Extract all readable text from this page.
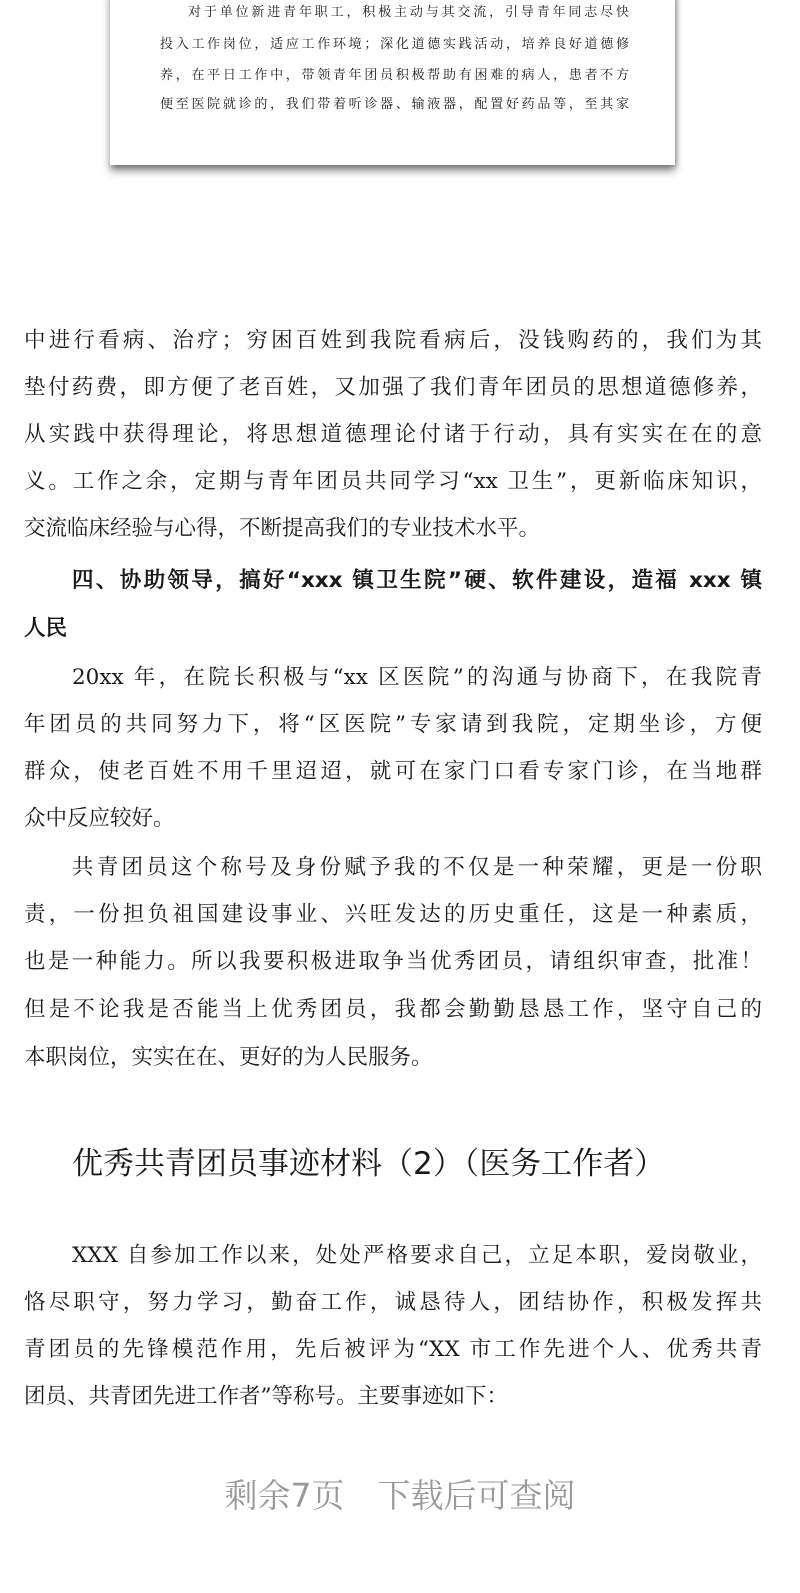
对于单位新进青年职工，积极主动与其交流，引导青年同志尽快
投入工作岗位，适应工作环境；深化道德实践活动，培养良好道德修
养，在平日工作中，带领青年团员积极帮助有困难的病人，患者不方
便至医院就诊的，我们带着听诊器、输液器，配置好药品等，至其家
中进行看病、治疗；穷困百姓到我院看病后，没钱购药的，我们为其
垫付药费，即方便了老百姓，又加强了我们青年团员的思想道德修养，
从实践中获得理论，将思想道德理论付诸于行动，具有实实在在的意
义。工作之余，定期与青年团员共同学习“xx 卫生”，更新临床知识，
交流临床经验与心得，不断提高我们的专业技术水平。
四、协助领导，搞好“xxx 镇卫生院”硬、软件建设，造福 xxx 镇
人民
20xx 年，在院长积极与“xx 区医院”的沟通与协商下，在我院青
年团员的共同努力下，将“区医院”专家请到我院，定期坐诊，方便
群众，使老百姓不用千里迢迢，就可在家门口看专家门诊，在当地群
众中反应较好。
共青团员这个称号及身份赋予我的不仅是一种荣耀，更是一份职
责，一份担负祖国建设事业、兴旺发达的历史重任，这是一种素质，
也是一种能力。所以我要积极进取争当优秀团员，请组织审查，批准！
但是不论我是否能当上优秀团员，我都会勤勤恳恳工作，坚守自己的
本职岗位，实实在在、更好的为人民服务。
优秀共青团员事迹材料（2）（医务工作者）
XXX 自参加工作以来，处处严格要求自己，立足本职，爱岗敬业，
恪尽职守，努力学习，勤奋工作，诚恳待人，团结协作，积极发挥共
青团员的先锋模范作用，先后被评为“XX 市工作先进个人、优秀共青
团员、共青团先进工作者”等称号。主要事迹如下：
剩余7页　下载后可查阅
